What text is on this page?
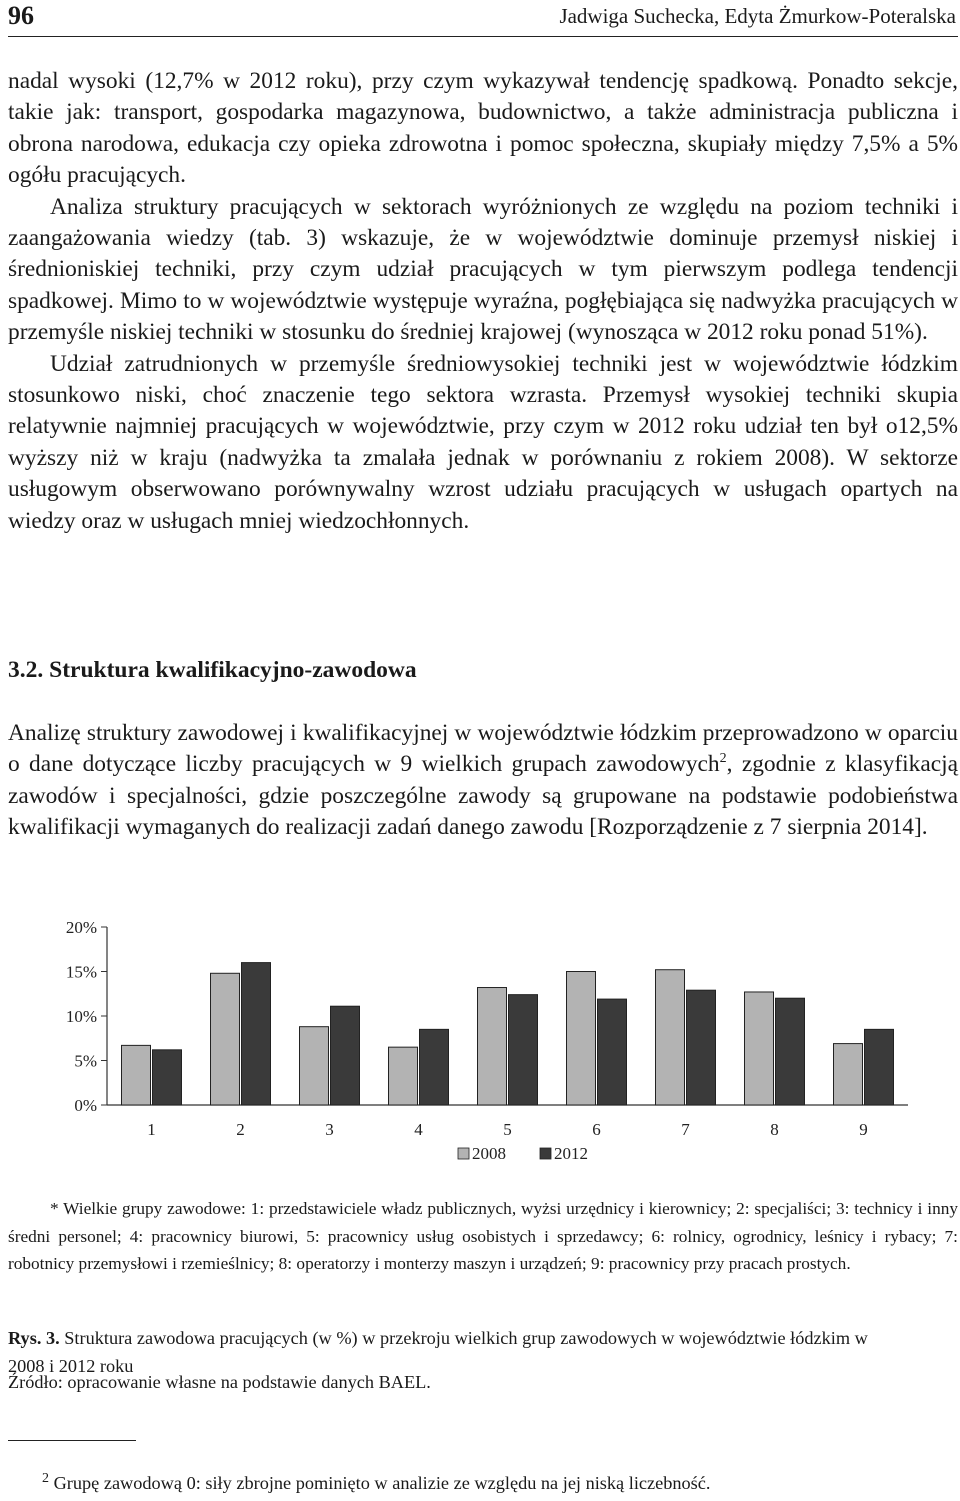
96	Jadwiga Suchecka, Edyta Żmurkow-Poteralska

nadal wysoki (12,7% w 2012 roku), przy czym wykazywał tendencję spadkową. Ponadto sekcje, takie jak: transport, gospodarka magazynowa, budownictwo, a także administracja publiczna i obrona narodowa, edukacja czy opieka zdrowotna i pomoc społeczna, skupiały między 7,5% a 5% ogółu pracujących.

Analiza struktury pracujących w sektorach wyróżnionych ze względu na poziom techniki i zaangażowania wiedzy (tab. 3) wskazuje, że w województwie dominuje przemysł niskiej i średnioniskiej techniki, przy czym udział pracujących w tym pierwszym podlega tendencji spadkowej. Mimo to w województwie występuje wyraźna, pogłębiająca się nadwyżka pracujących w przemyśle niskiej techniki w stosunku do średniej krajowej (wynosząca w 2012 roku ponad 51%).

Udział zatrudnionych w przemyśle średniowysokiej techniki jest w województwie łódzkim stosunkowo niski, choć znaczenie tego sektora wzrasta. Przemysł wysokiej techniki skupia relatywnie najmniej pracujących w województwie, przy czym w 2012 roku udział ten był o12,5% wyższy niż w kraju (nadwyżka ta zmalała jednak w porównaniu z rokiem 2008). W sektorze usługowym obserwowano porównywalny wzrost udziału pracujących w usługach opartych na wiedzy oraz w usługach mniej wiedzochłonnych.

3.2. Struktura kwalifikacyjno-zawodowa

Analizę struktury zawodowej i kwalifikacyjnej w województwie łódzkim przeprowadzono w oparciu o dane dotyczące liczby pracujących w 9 wielkich grupach zawodowych$^2$, zgodnie z klasyfikacją zawodów i specjalności, gdzie poszczególne zawody są grupowane na podstawie podobieństwa kwalifikacji wymaganych do realizacji zadań danego zawodu [Rozporządzenie z 7 sierpnia 2014].

0%
5%
10%
15%
20%
1	2	3	4	5	6	7	8	9
2008	2012

* Wielkie grupy zawodowe: 1: przedstawiciele władz publicznych, wyżsi urzędnicy i kierownicy; 2: specjaliści; 3: technicy i inny średni personel; 4: pracownicy biurowi, 5: pracownicy usług osobistych i sprzedawcy; 6: rolnicy, ogrodnicy, leśnicy i rybacy; 7: robotnicy przemysłowi i rzemieślnicy; 8: operatorzy i monterzy maszyn i urządzeń; 9: pracownicy przy pracach prostych.

Rys. 3. Struktura zawodowa pracujących (w %) w przekroju wielkich grup zawodowych w województwie łódzkim w 2008 i 2012 roku
Źródło: opracowanie własne na podstawie danych BAEL.
$^2$ Grupę zawodową 0: siły zbrojne pominięto w analizie ze względu na jej niską liczebność.
